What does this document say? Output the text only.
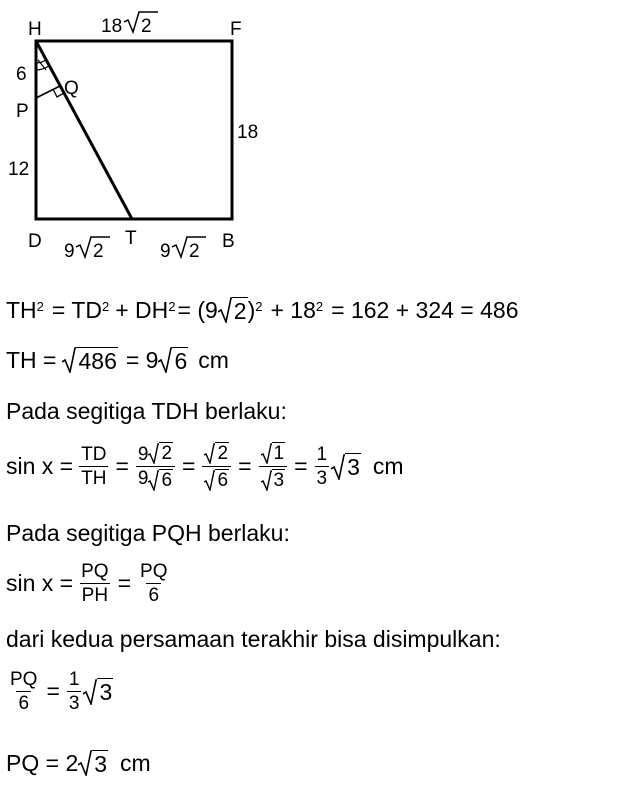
H	F
Q
P
D	T	B
6
12
18
18 2
9 2	9 2
$TH^2 = TD^2 + DH^2 = (9$ 2 )$^2 + 18^2 = 162 + 324 = 486$
TH = 486 = 9 6 cm
Pada segitiga TDH berlaku:
$\sin x = \frac{TD}{TH} = \frac{9 2}{9 6} = \frac{2}{6} = \frac{1}{3} = \frac{1}{3} 3$ cm
Pada segitiga PQH berlaku:
$\sin x = \frac{PQ}{PH} = \frac{PQ}{6}$
dari kedua persamaan terakhir bisa disimpulkan:
$\frac{PQ}{6} = \frac{1}{3} 3$
PQ = 2 3 cm
